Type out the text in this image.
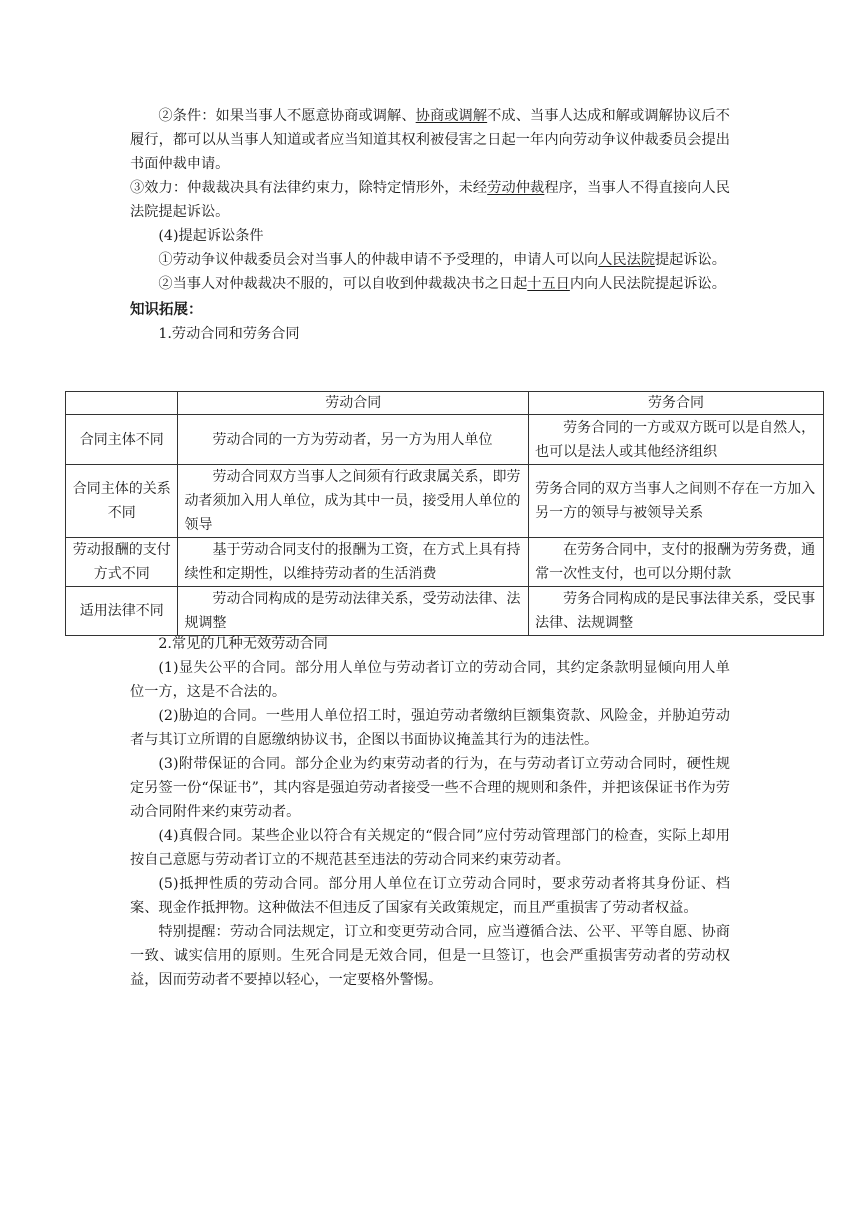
②条件：如果当事人不愿意协商或调解、协商或调解不成、当事人达成和解或调解协议后不履行，都可以从当事人知道或者应当知道其权利被侵害之日起一年内向劳动争议仲裁委员会提出书面仲裁申请。

③效力：仲裁裁决具有法律约束力，除特定情形外，未经劳动仲裁程序，当事人不得直接向人民法院提起诉讼。

(4)提起诉讼条件

①劳动争议仲裁委员会对当事人的仲裁申请不予受理的，申请人可以向人民法院提起诉讼。

②当事人对仲裁裁决不服的，可以自收到仲裁裁决书之日起十五日内向人民法院提起诉讼。

知识拓展：

1.劳动合同和劳务合同

	劳动合同	劳务合同
合同主体不同	劳动合同的一方为劳动者，另一方为用人单位	劳务合同的一方或双方既可以是自然人，也可以是法人或其他经济组织

合同主体的关系不同	劳动合同双方当事人之间须有行政隶属关系，即劳动者须加入用人单位，成为其中一员，接受用人单位的领导	劳务合同的双方当事人之间则不存在一方加入另一方的领导与被领导关系
劳动报酬的支付方式不同	基于劳动合同支付的报酬为工资，在方式上具有持续性和定期性，以维持劳动者的生活消费	在劳务合同中，支付的报酬为劳务费，通常一次性支付，也可以分期付款

适用法律不同	劳动合同构成的是劳动法律关系，受劳动法律、法规调整	劳务合同构成的是民事法律关系，受民事法律、法规调整

2.常见的几种无效劳动合同

(1)显失公平的合同。部分用人单位与劳动者订立的劳动合同，其约定条款明显倾向用人单位一方，这是不合法的。

(2)胁迫的合同。一些用人单位招工时，强迫劳动者缴纳巨额集资款、风险金，并胁迫劳动者与其订立所谓的自愿缴纳协议书，企图以书面协议掩盖其行为的违法性。

(3)附带保证的合同。部分企业为约束劳动者的行为，在与劳动者订立劳动合同时，硬性规定另签一份“保证书”，其内容是强迫劳动者接受一些不合理的规则和条件，并把该保证书作为劳动合同附件来约束劳动者。

(4)真假合同。某些企业以符合有关规定的“假合同”应付劳动管理部门的检查，实际上却用按自己意愿与劳动者订立的不规范甚至违法的劳动合同来约束劳动者。

(5)抵押性质的劳动合同。部分用人单位在订立劳动合同时，要求劳动者将其身份证、档案、现金作抵押物。这种做法不但违反了国家有关政策规定，而且严重损害了劳动者权益。

特别提醒：劳动合同法规定，订立和变更劳动合同，应当遵循合法、公平、平等自愿、协商一致、诚实信用的原则。生死合同是无效合同，但是一旦签订，也会严重损害劳动者的劳动权益，因而劳动者不要掉以轻心，一定要格外警惕。
